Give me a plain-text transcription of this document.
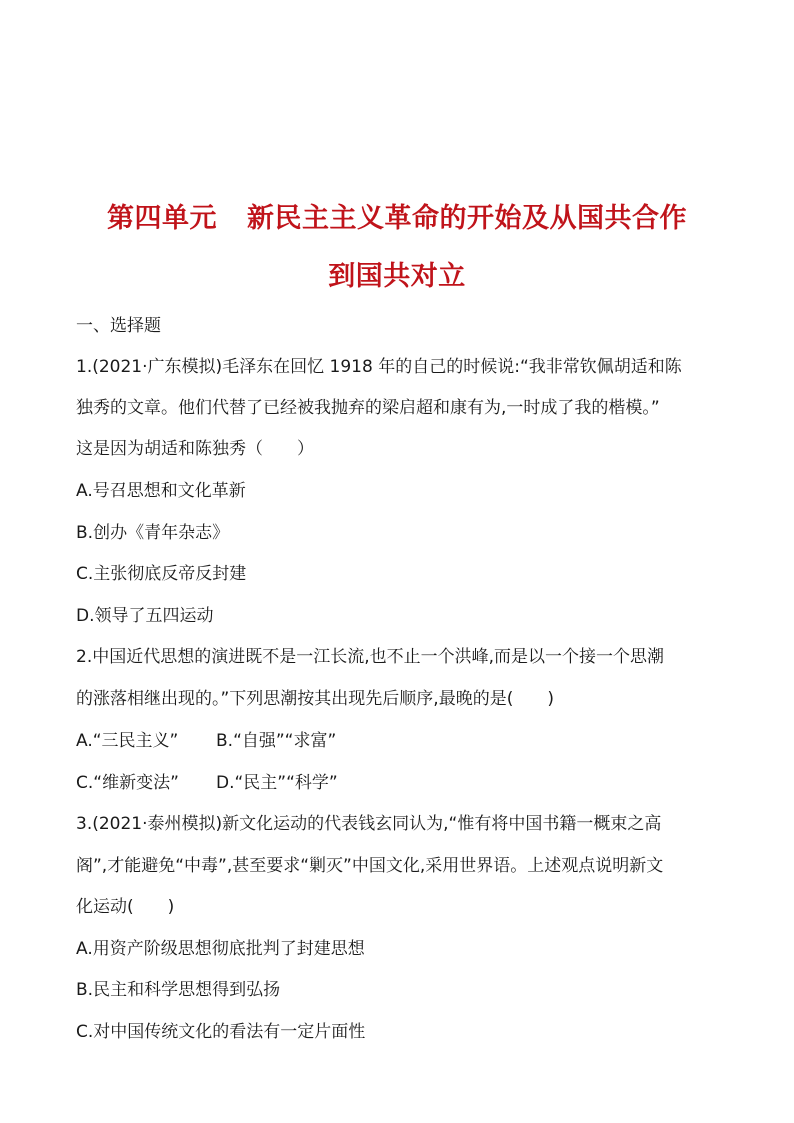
第四单元 新民主主义革命的开始及从国共合作
到国共对立
一、选择题
1.(2021·广东模拟)毛泽东在回忆 1918 年的自己的时候说:“我非常钦佩胡适和陈
独秀的文章。他们代替了已经被我抛弃的梁启超和康有为,一时成了我的楷模。”
这是因为胡适和陈独秀（　　）
A.号召思想和文化革新
B.创办《青年杂志》
C.主张彻底反帝反封建
D.领导了五四运动
2.中国近代思想的演进既不是一江长流,也不止一个洪峰,而是以一个接一个思潮
的涨落相继出现的。”下列思潮按其出现先后顺序,最晚的是(　　)
A.“三民主义” B.“自强”“求富”
C.“维新变法” D.“民主”“科学”
3.(2021·泰州模拟)新文化运动的代表钱玄同认为,“惟有将中国书籍一概束之高
阁”,才能避免“中毒”,甚至要求“剿灭”中国文化,采用世界语。上述观点说明新文
化运动(　　)
A.用资产阶级思想彻底批判了封建思想
B.民主和科学思想得到弘扬
C.对中国传统文化的看法有一定片面性
